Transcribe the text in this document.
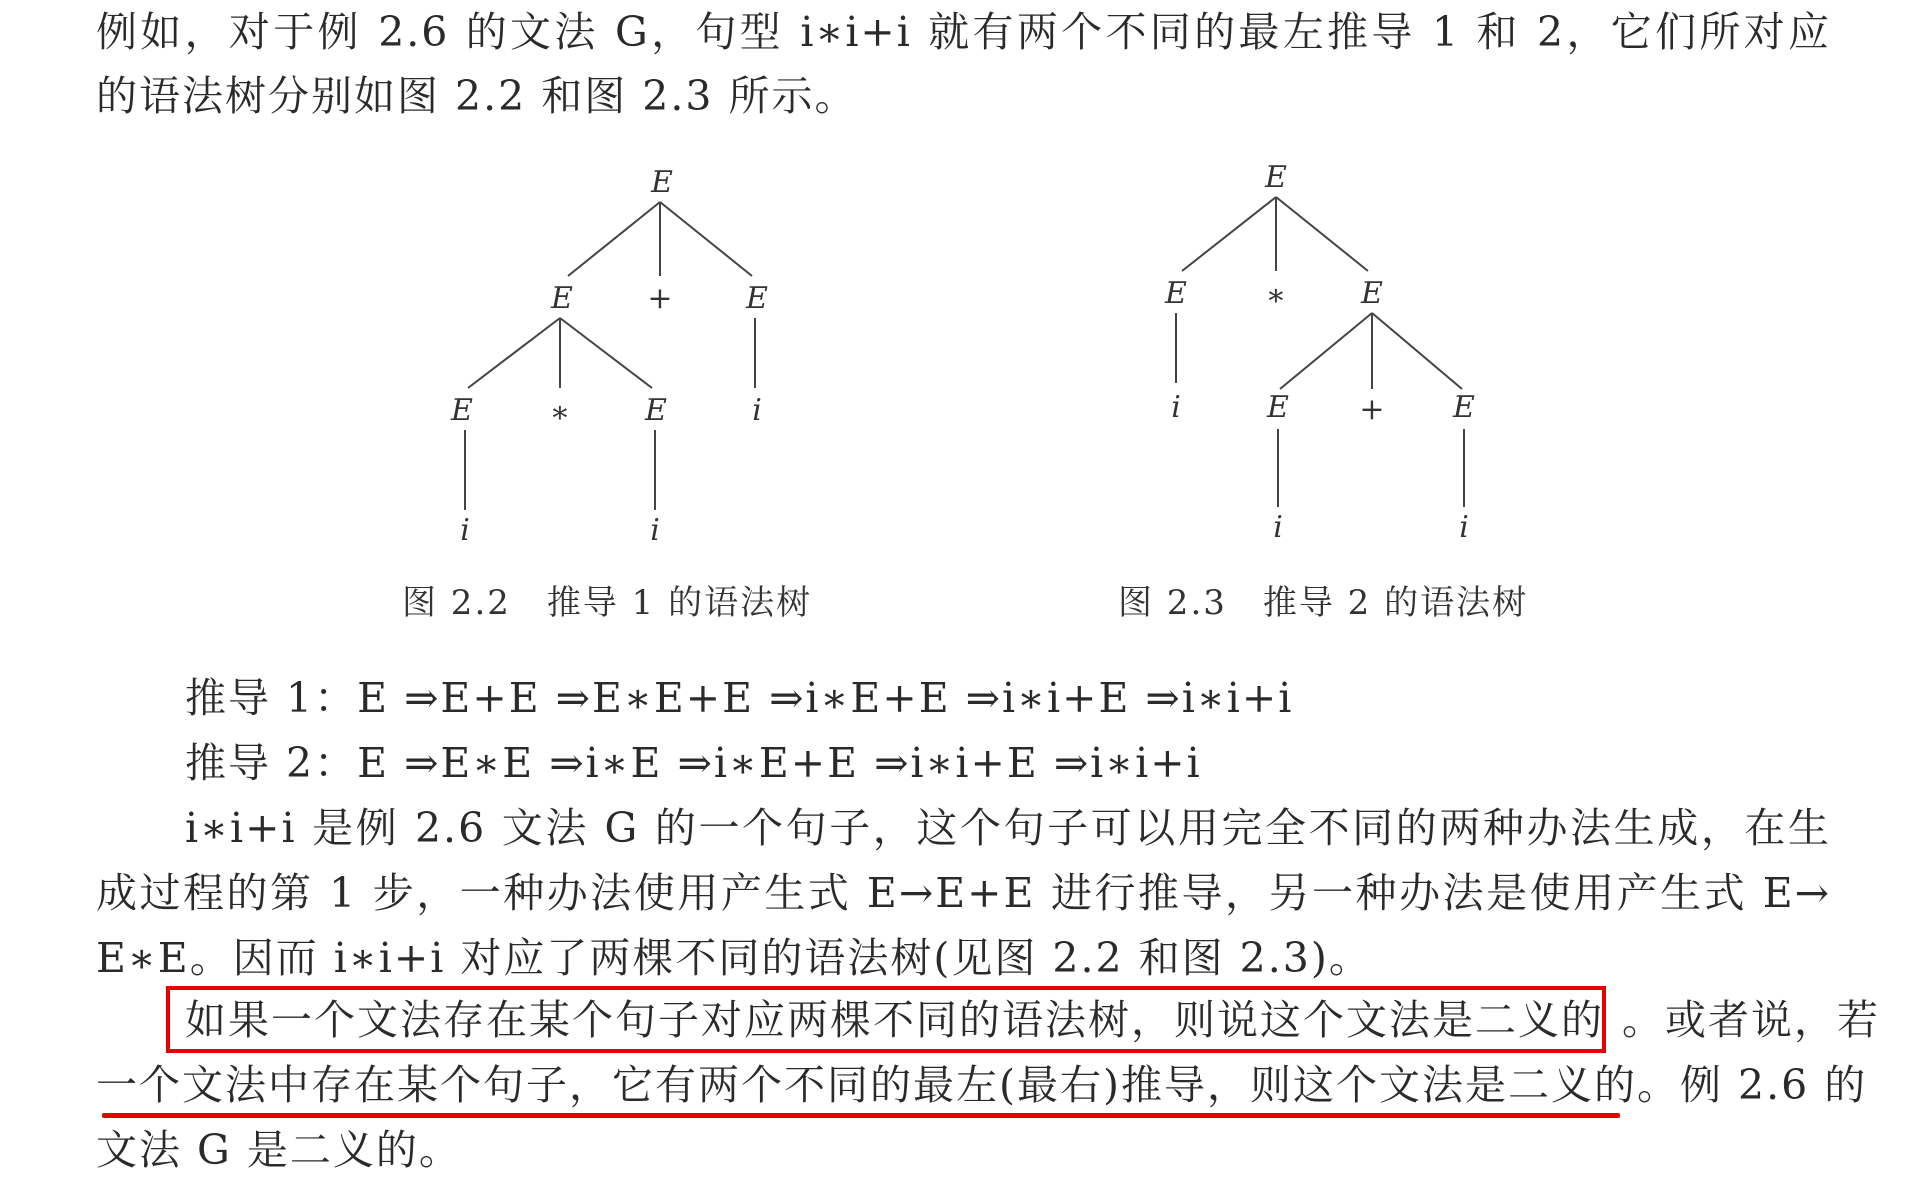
例如，对于例 2.6 的文法 G，句型 i∗i+i 就有两个不同的最左推导 1 和 2，它们所对应
的语法树分别如图 2.2 和图 2.3 所示。
E
E + E
E	∗ E	i
i	i
E
E	∗ E
i	E + E
i	i
图 2.2　推导 1 的语法树	图 2.3　推导 2 的语法树
推导 1：E ⇒E+E ⇒E∗E+E ⇒i∗E+E ⇒i∗i+E ⇒i∗i+i
推导 2：E ⇒E∗E ⇒i∗E ⇒i∗E+E ⇒i∗i+E ⇒i∗i+i
i∗i+i 是例 2.6 文法 G 的一个句子，这个句子可以用完全不同的两种办法生成，在生
成过程的第 1 步，一种办法使用产生式 E→E+E 进行推导，另一种办法是使用产生式 E→
E∗E。因而 i∗i+i 对应了两棵不同的语法树(见图 2.2 和图 2.3)。
如果一个文法存在某个句子对应两棵不同的语法树，则说这个文法是二义的 。或者说，若
一个文法中存在某个句子，它有两个不同的最左(最右)推导，则这个文法是二义的。例 2.6 的
文法 G 是二义的。
